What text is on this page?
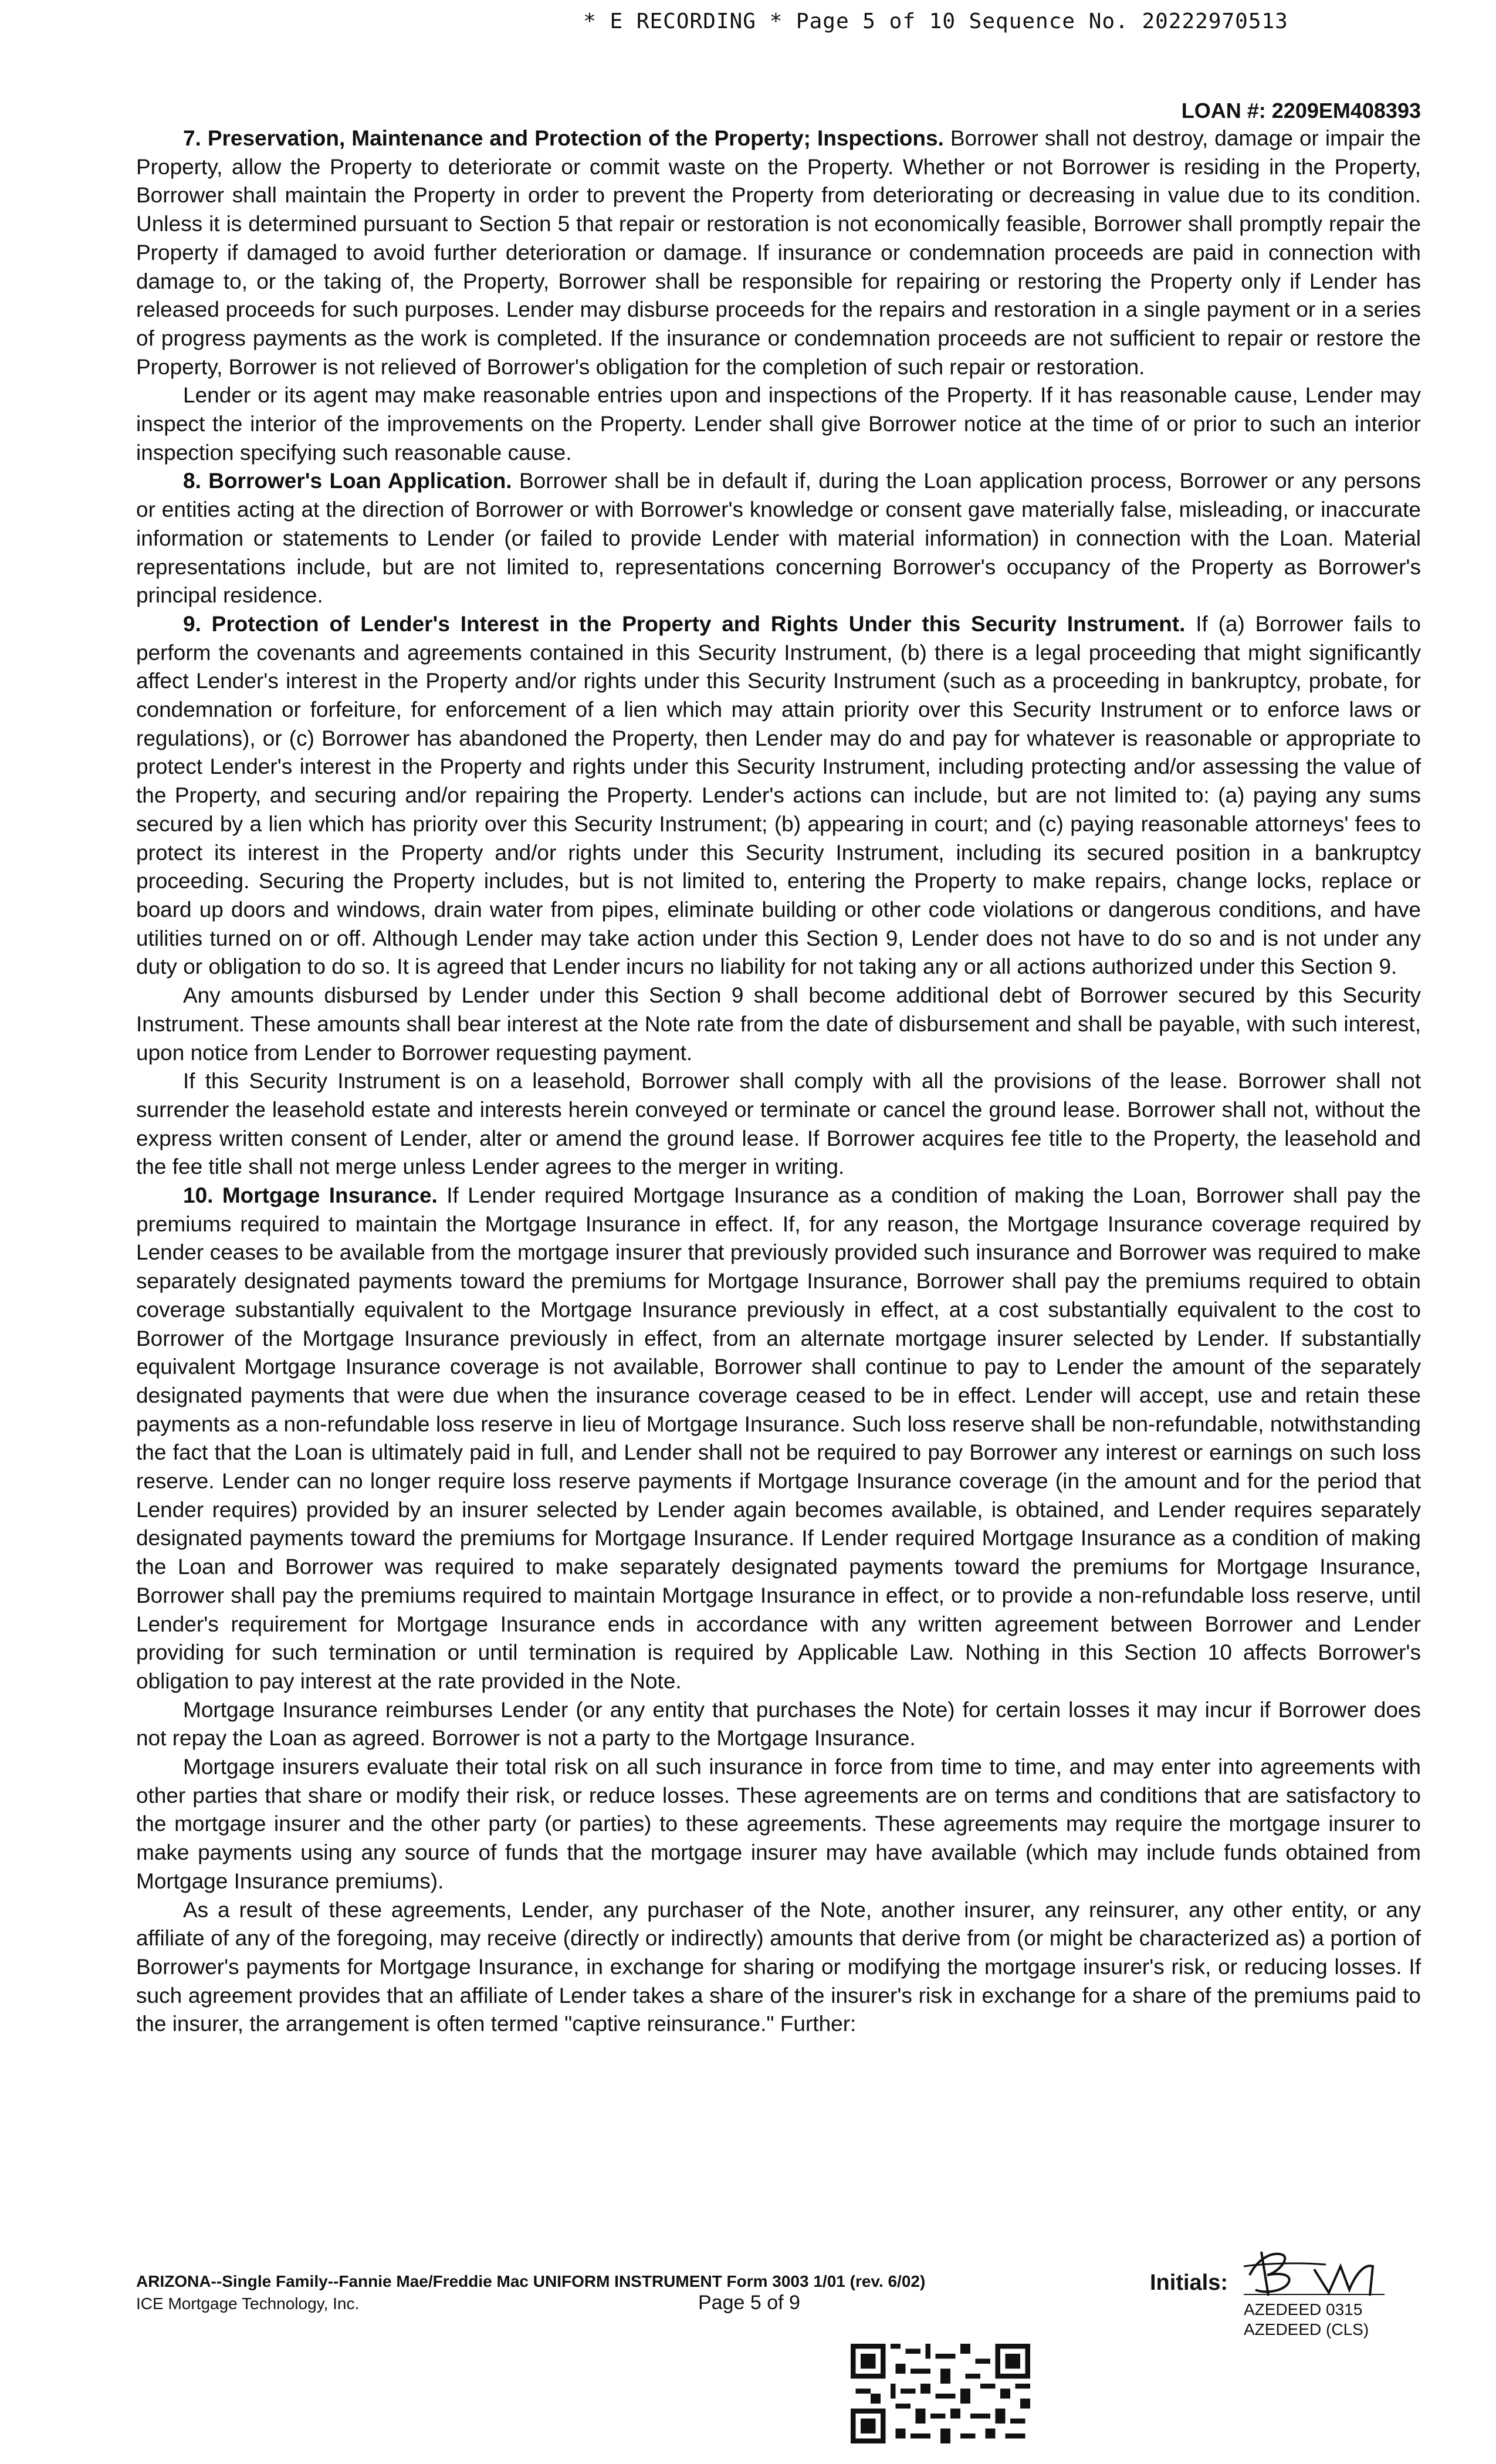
* E RECORDING * Page 5 of 10 Sequence No. 20222970513
LOAN #: 2209EM408393

7. Preservation, Maintenance and Protection of the Property; Inspections. Borrower shall not destroy, damage or impair the Property, allow the Property to deteriorate or commit waste on the Property. Whether or not Borrower is residing in the Property, Borrower shall maintain the Property in order to prevent the Property from deteriorating or decreasing in value due to its condition. Unless it is determined pursuant to Section 5 that repair or restoration is not economically feasible, Borrower shall promptly repair the Property if damaged to avoid further deterioration or damage. If insurance or condemnation proceeds are paid in connection with damage to, or the taking of, the Property, Borrower shall be responsible for repairing or restoring the Property only if Lender has released proceeds for such purposes. Lender may disburse proceeds for the repairs and restoration in a single payment or in a series of progress payments as the work is completed. If the insurance or condemnation proceeds are not sufficient to repair or restore the Property, Borrower is not relieved of Borrower's obligation for the completion of such repair or restoration.

Lender or its agent may make reasonable entries upon and inspections of the Property. If it has reasonable cause, Lender may inspect the interior of the improvements on the Property. Lender shall give Borrower notice at the time of or prior to such an interior inspection specifying such reasonable cause.

8. Borrower's Loan Application. Borrower shall be in default if, during the Loan application process, Borrower or any persons or entities acting at the direction of Borrower or with Borrower's knowledge or consent gave materially false, misleading, or inaccurate information or statements to Lender (or failed to provide Lender with material information) in connection with the Loan. Material representations include, but are not limited to, representations concerning Borrower's occupancy of the Property as Borrower's principal residence.

9. Protection of Lender's Interest in the Property and Rights Under this Security Instrument. If (a) Borrower fails to perform the covenants and agreements contained in this Security Instrument, (b) there is a legal proceeding that might significantly affect Lender's interest in the Property and/or rights under this Security Instrument (such as a proceeding in bankruptcy, probate, for condemnation or forfeiture, for enforcement of a lien which may attain priority over this Security Instrument or to enforce laws or regulations), or (c) Borrower has abandoned the Property, then Lender may do and pay for whatever is reasonable or appropriate to protect Lender's interest in the Property and rights under this Security Instrument, including protecting and/or assessing the value of the Property, and securing and/or repairing the Property. Lender's actions can include, but are not limited to: (a) paying any sums secured by a lien which has priority over this Security Instrument; (b) appearing in court; and (c) paying reasonable attorneys' fees to protect its interest in the Property and/or rights under this Security Instrument, including its secured position in a bankruptcy proceeding. Securing the Property includes, but is not limited to, entering the Property to make repairs, change locks, replace or board up doors and windows, drain water from pipes, eliminate building or other code violations or dangerous conditions, and have utilities turned on or off. Although Lender may take action under this Section 9, Lender does not have to do so and is not under any duty or obligation to do so. It is agreed that Lender incurs no liability for not taking any or all actions authorized under this Section 9.

Any amounts disbursed by Lender under this Section 9 shall become additional debt of Borrower secured by this Security Instrument. These amounts shall bear interest at the Note rate from the date of disbursement and shall be payable, with such interest, upon notice from Lender to Borrower requesting payment.

If this Security Instrument is on a leasehold, Borrower shall comply with all the provisions of the lease. Borrower shall not surrender the leasehold estate and interests herein conveyed or terminate or cancel the ground lease. Borrower shall not, without the express written consent of Lender, alter or amend the ground lease. If Borrower acquires fee title to the Property, the leasehold and the fee title shall not merge unless Lender agrees to the merger in writing.

10. Mortgage Insurance. If Lender required Mortgage Insurance as a condition of making the Loan, Borrower shall pay the premiums required to maintain the Mortgage Insurance in effect. If, for any reason, the Mortgage Insurance coverage required by Lender ceases to be available from the mortgage insurer that previously provided such insurance and Borrower was required to make separately designated payments toward the premiums for Mortgage Insurance, Borrower shall pay the premiums required to obtain coverage substantially equivalent to the Mortgage Insurance previously in effect, at a cost substantially equivalent to the cost to Borrower of the Mortgage Insurance previously in effect, from an alternate mortgage insurer selected by Lender. If substantially equivalent Mortgage Insurance coverage is not available, Borrower shall continue to pay to Lender the amount of the separately designated payments that were due when the insurance coverage ceased to be in effect. Lender will accept, use and retain these payments as a non-refundable loss reserve in lieu of Mortgage Insurance. Such loss reserve shall be non-refundable, notwithstanding the fact that the Loan is ultimately paid in full, and Lender shall not be required to pay Borrower any interest or earnings on such loss reserve. Lender can no longer require loss reserve payments if Mortgage Insurance coverage (in the amount and for the period that Lender requires) provided by an insurer selected by Lender again becomes available, is obtained, and Lender requires separately designated payments toward the premiums for Mortgage Insurance. If Lender required Mortgage Insurance as a condition of making the Loan and Borrower was required to make separately designated payments toward the premiums for Mortgage Insurance, Borrower shall pay the premiums required to maintain Mortgage Insurance in effect, or to provide a non-refundable loss reserve, until Lender's requirement for Mortgage Insurance ends in accordance with any written agreement between Borrower and Lender providing for such termination or until termination is required by Applicable Law. Nothing in this Section 10 affects Borrower's obligation to pay interest at the rate provided in the Note.

Mortgage Insurance reimburses Lender (or any entity that purchases the Note) for certain losses it may incur if Borrower does not repay the Loan as agreed. Borrower is not a party to the Mortgage Insurance.

Mortgage insurers evaluate their total risk on all such insurance in force from time to time, and may enter into agreements with other parties that share or modify their risk, or reduce losses. These agreements are on terms and conditions that are satisfactory to the mortgage insurer and the other party (or parties) to these agreements. These agreements may require the mortgage insurer to make payments using any source of funds that the mortgage insurer may have available (which may include funds obtained from Mortgage Insurance premiums).

As a result of these agreements, Lender, any purchaser of the Note, another insurer, any reinsurer, any other entity, or any affiliate of any of the foregoing, may receive (directly or indirectly) amounts that derive from (or might be characterized as) a portion of Borrower's payments for Mortgage Insurance, in exchange for sharing or modifying the mortgage insurer's risk, or reducing losses. If such agreement provides that an affiliate of Lender takes a share of the insurer's risk in exchange for a share of the premiums paid to the insurer, the arrangement is often termed "captive reinsurance." Further:

ARIZONA--Single Family--Fannie Mae/Freddie Mac UNIFORM INSTRUMENT Form 3003 1/01 (rev. 6/02)
ICE Mortgage Technology, Inc.	Page 5 of 9
Initials:
AZEDEED 0315
AZEDEED (CLS)
